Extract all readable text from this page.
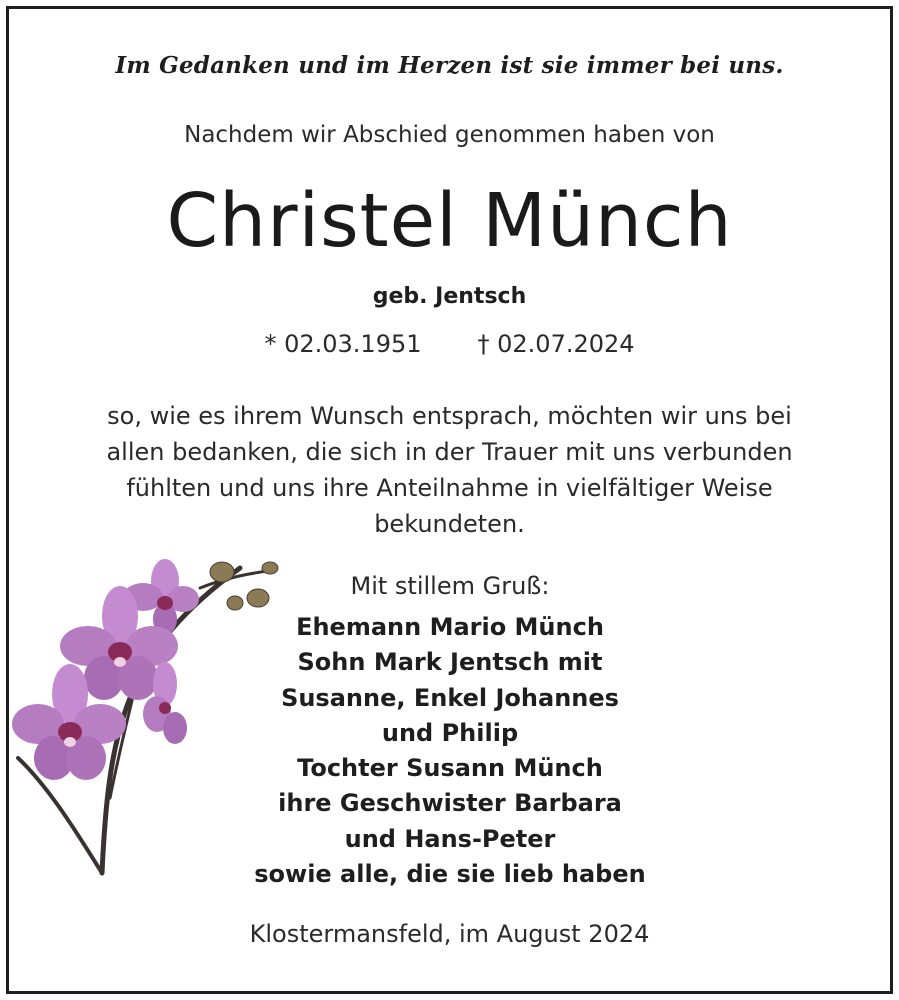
Im Gedanken und im Herzen ist sie immer bei uns.
Nachdem wir Abschied genommen haben von
Christel Münch
geb. Jentsch
* 02.03.1951 † 02.07.2024
so, wie es ihrem Wunsch entsprach, möchten wir uns bei
allen bedanken, die sich in der Trauer mit uns verbunden
fühlten und uns ihre Anteilnahme in vielfältiger Weise
bekundeten.
Mit stillem Gruß:
Ehemann Mario Münch
Sohn Mark Jentsch mit
Susanne, Enkel Johannes
und Philip
Tochter Susann Münch
ihre Geschwister Barbara
und Hans-Peter
sowie alle, die sie lieb haben
Klostermansfeld, im August 2024
